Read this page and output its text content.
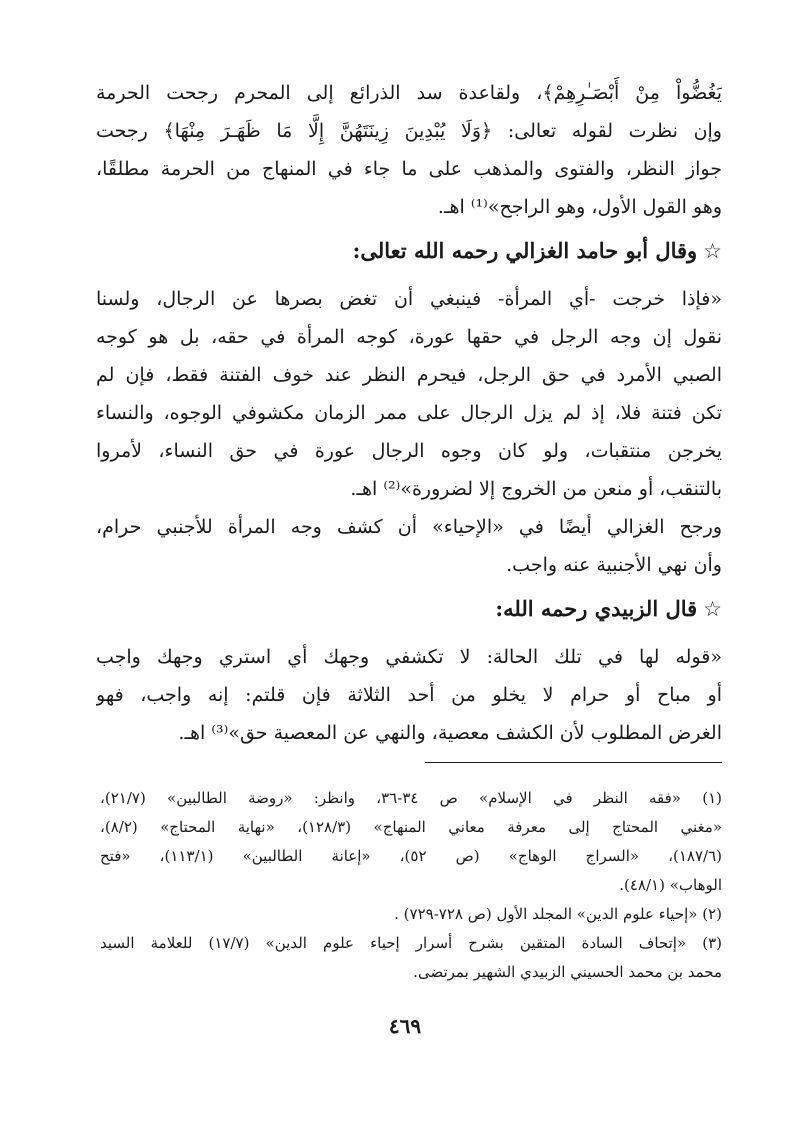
يَغُضُّواْ مِنْ أَبْصَـٰرِهِمْ﴾، ولقاعدة سد الذرائع إلى المحرم رجحت الحرمة
وإن نظرت لقوله تعالى: ﴿وَلَا يُبْدِينَ زِينَتَهُنَّ إِلَّا مَا ظَهَـرَ مِنْهَا﴾ رجحت
جواز النظر، والفتوى والمذهب على ما جاء في المنهاج من الحرمة مطلقًا،
وهو القول الأول، وهو الراجح»⁽¹⁾ اهـ.
☆وقال أبو حامد الغزالي رحمه الله تعالى:
«فإذا خرجت -أي المرأة- فينبغي أن تغض بصرها عن الرجال، ولسنا
نقول إن وجه الرجل في حقها عورة، كوجه المرأة في حقه، بل هو كوجه
الصبي الأمرد في حق الرجل، فيحرم النظر عند خوف الفتنة فقط، فإن لم
تكن فتنة فلا، إذ لم يزل الرجال على ممر الزمان مكشوفي الوجوه، والنساء
يخرجن منتقبات، ولو كان وجوه الرجال عورة في حق النساء، لأمروا
بالتنقب، أو منعن من الخروج إلا لضرورة»⁽²⁾ اهـ.
ورجح الغزالي أيضًا في «الإحياء» أن كشف وجه المرأة للأجنبي حرام،
وأن نهي الأجنبية عنه واجب.
☆قال الزبيدي رحمه الله:
«قوله لها في تلك الحالة: لا تكشفي وجهك أي استري وجهك واجب
أو مباح أو حرام لا يخلو من أحد الثلاثة فإن قلتم: إنه واجب، فهو
الغرض المطلوب لأن الكشف معصية، والنهي عن المعصية حق»⁽³⁾ اهـ.
(١) «فقه النظر في الإسلام» ص ٣٤-٣٦، وانظر: «روضة الطالبين» (٢١/٧)،
«مغني المحتاج إلى معرفة معاني المنهاج» (١٢٨/٣)، «نهاية المحتاج» (٨/٢)،
(١٨٧/٦)، «السراج الوهاج» (ص ٥٢)، «إعانة الطالبين» (١١٣/١)، «فتح
الوهاب» (٤٨/١).
(٢) «إحياء علوم الدين» المجلد الأول (ص ٧٢٨-٧٢٩) .
(٣) «إتحاف السادة المتقين بشرح أسرار إحياء علوم الدين» (١٧/٧) للعلامة السيد
محمد بن محمد الحسيني الزبيدي الشهير بمرتضى.
٤٦٩
